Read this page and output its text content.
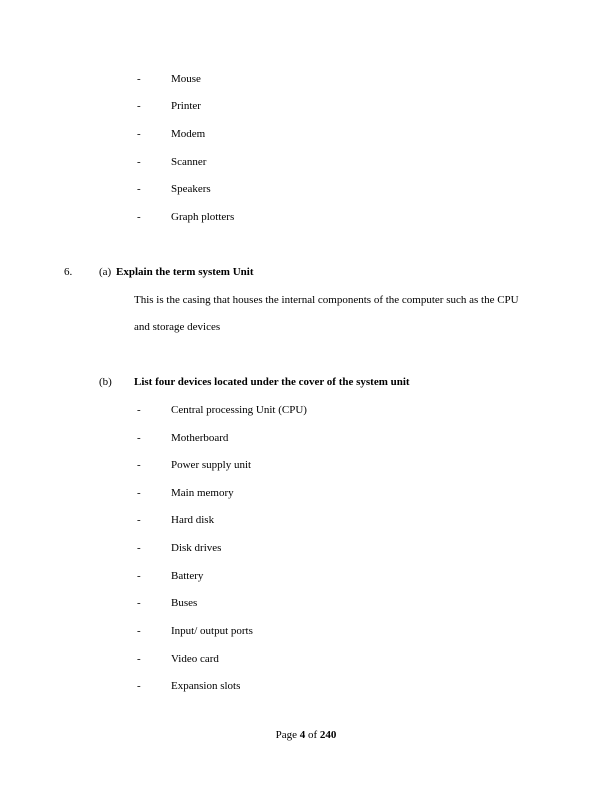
-	Mouse
-	Printer
-	Modem
-	Scanner
-	Speakers
-	Graph plotters
6. (a) Explain the term system Unit
This is the casing that houses the internal components of the computer such as the CPU
and storage devices
(b) List four devices located under the cover of the system unit
-	Central processing Unit (CPU)
-	Motherboard
-	Power supply unit
-	Main memory
-	Hard disk
-	Disk drives
-	Battery
-	Buses
-	Input/ output ports
-	Video card
-	Expansion slots
Page 4 of 240
